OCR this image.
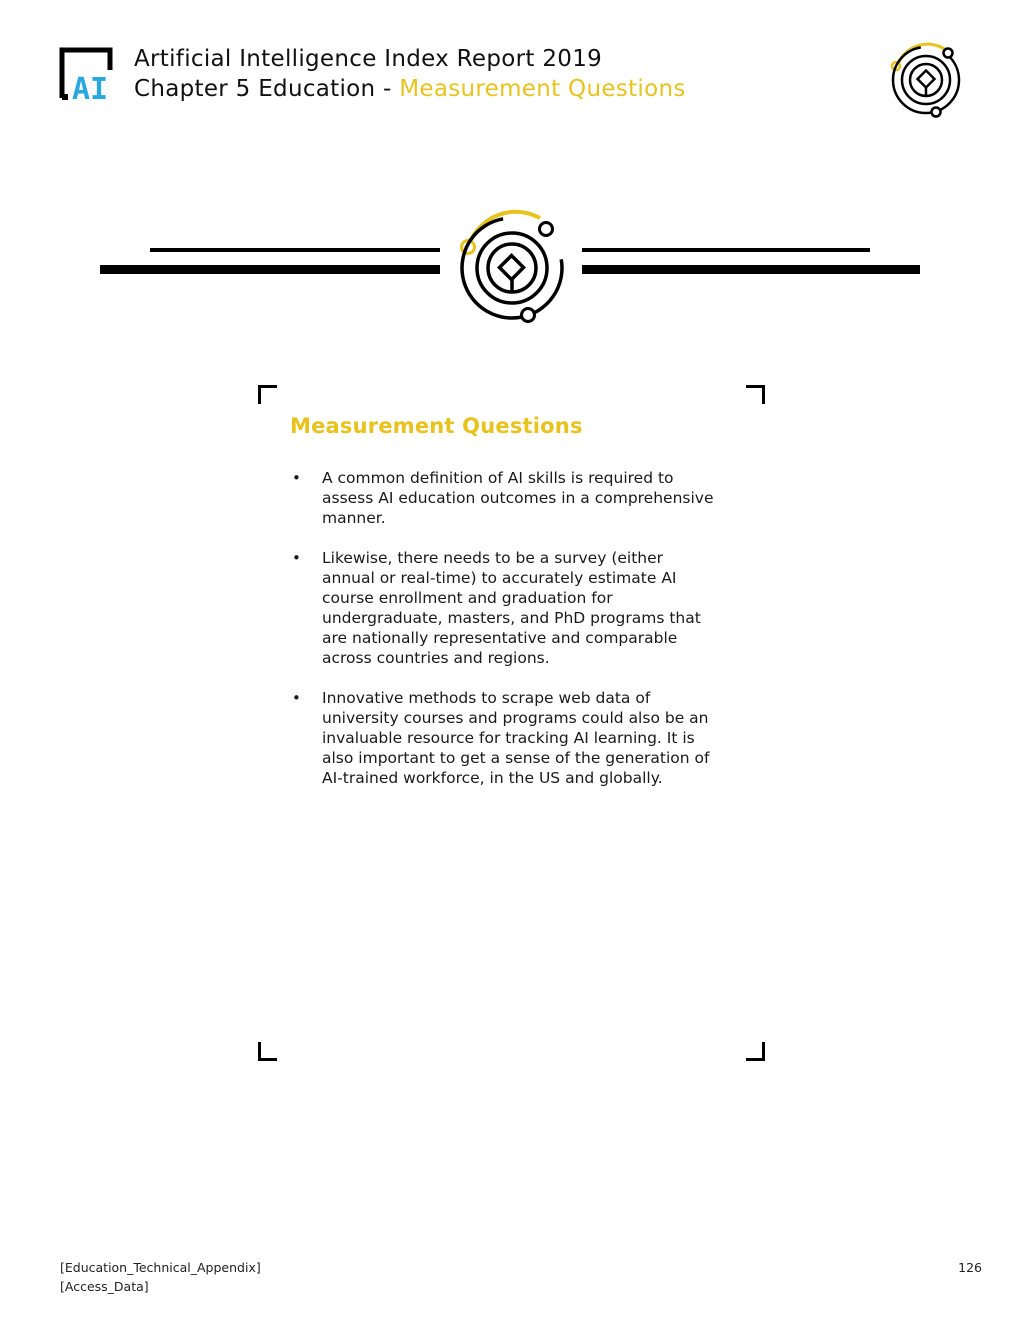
AI
Artificial Intelligence Index Report 2019
Chapter 5 Education - Measurement Questions
Measurement Questions
• A common definition of AI skills is required to assess AI education outcomes in a comprehensive manner.
• Likewise, there needs to be a survey (either annual or real-time) to accurately estimate AI course enrollment and graduation for undergraduate, masters, and PhD programs that are nationally representative and comparable across countries and regions.
• Innovative methods to scrape web data of university courses and programs could also be an invaluable resource for tracking AI learning. It is also important to get a sense of the generation of AI-trained workforce, in the US and globally.
[Education_Technical_Appendix]
[Access_Data]
126
